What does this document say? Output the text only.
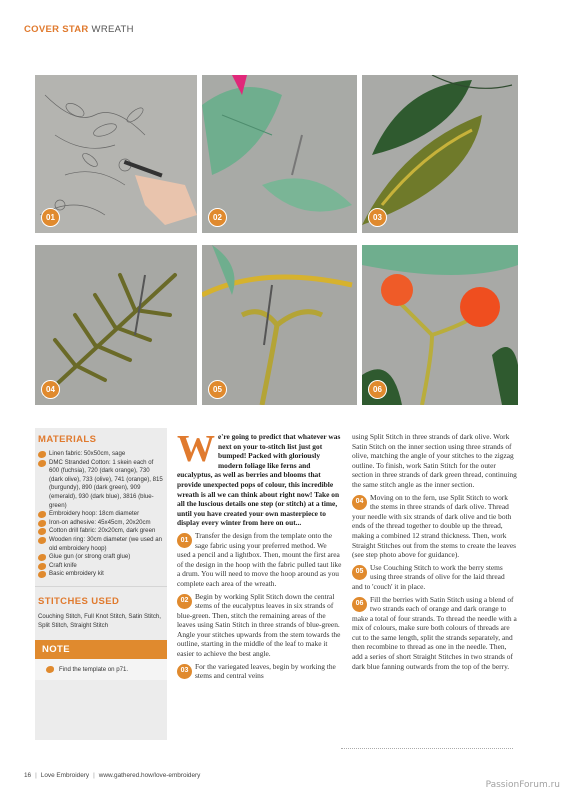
COVER STAR WREATH
01	02	03
04	05	06
MATERIALS
Linen fabric: 50x50cm, sage
DMC Stranded Cotton: 1 skein each of 600 (fuchsia), 720 (dark orange), 730 (dark olive), 733 (olive), 741 (orange), 815 (burgundy), 890 (dark green), 909 (emerald), 930 (dark blue), 3816 (blue-green)
Embroidery hoop: 18cm diameter
Iron-on adhesive: 45x45cm, 20x20cm
Cotton drill fabric: 20x20cm, dark green
Wooden ring: 30cm diameter (we used an old embroidery hoop)
Glue gun (or strong craft glue)
Craft knife
Basic embroidery kit
STITCHES USED
Couching Stitch, Full Knot Stitch, Satin Stitch, Split Stitch, Straight Stitch
NOTE
Find the template on p71.

We're going to predict that whatever was next on your to-stitch list just got bumped! Packed with gloriously modern foliage like ferns and eucalyptus, as well as berries and blooms that provide unexpected pops of colour, this incredible wreath is all we can think about right now! Take on all the luscious details one step (or stitch) at a time, until you have created your own masterpiece to display every winter from here on out...

01
Transfer the design from the template onto the sage fabric using your preferred method. We used a pencil and a lightbox. Then, mount the first area of the design in the hoop with the fabric pulled taut like a drum. You will need to move the hoop around as you complete each area of the wreath.

02
Begin by working Split Stitch down the central stems of the eucalyptus leaves in six strands of blue-green. Then, stitch the remaining areas of the leaves using Satin Stitch in three strands of blue-green. Angle your stitches upwards from the stem towards the outline, starting in the middle of the leaf to make it easier to achieve the best angle.

03
For the variegated leaves, begin by working the stems and central veins

using Split Stitch in three strands of dark olive. Work Satin Stitch on the inner section using three strands of olive, matching the angle of your stitches to the zigzag outline. To finish, work Satin Stitch for the outer section in three strands of dark green thread, continuing the same stitch angle as the inner section.

04
Moving on to the fern, use Split Stitch to work the stems in three strands of dark olive. Thread your needle with six strands of dark olive and tie both ends of the thread together to double up the thread, making a combined 12 strand thickness. Then, work Straight Stitches out from the stems to create the leaves (see step photo above for guidance).

05
Use Couching Stitch to work the berry stems using three strands of olive for the laid thread and to 'couch' it in place.

06
Fill the berries with Satin Stitch using a blend of two strands each of orange and dark orange to make a total of four strands. To thread the needle with a mix of colours, make sure both colours of threads are cut to the same length, split the strands separately, and then recombine to thread as one in the needle. Then, add a series of short Straight Stitches in two strands of dark blue fanning outwards from the top of the berry.

16 | Love Embroidery | www.gathered.how/love-embroidery
PassionForum.ru
